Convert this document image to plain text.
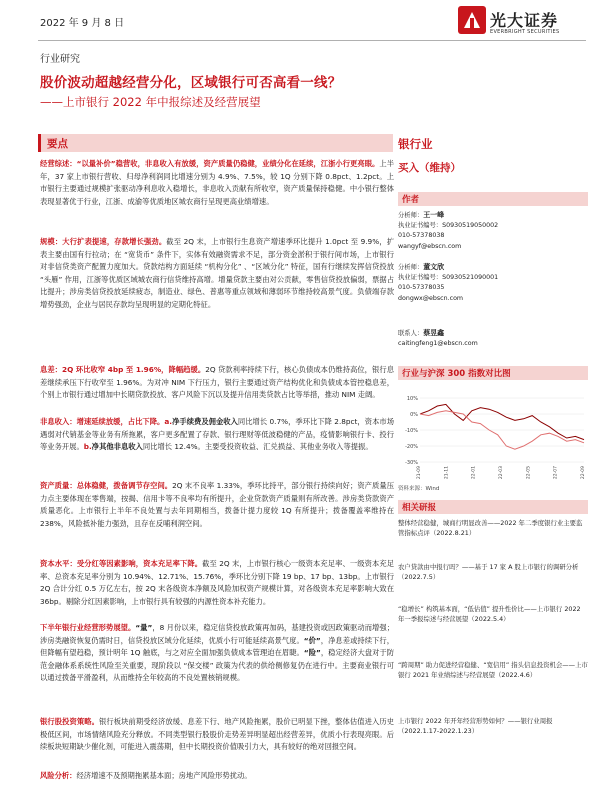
2022 年 9 月 8 日	光大证券
EVERBRIGHT SECURITIES
行业研究
股价波动超越经营分化，区域银行可否高看一线？
——上市银行 2022 年中报综述及经营展望
要点
经营综述：“以量补价”稳营收，非息收入有放缓，资产质量仍稳健，业绩分化在延续，江浙小行更亮眼。上半年，37 家上市银行营收、归母净利润同比增速分别为 4.9%、7.5%，较 1Q 分别下降 0.8pct、1.2pct。上市银行主要通过规模扩张驱动净利息收入稳增长，非息收入贡献有所收窄，资产质量保持稳健。中小银行整体表现显著优于行业，江浙、成渝等优质地区城农商行呈现更高业绩增速。
规模：大行扩表提速，存款增长强劲。截至 2Q 末，上市银行生息资产增速季环比提升 1.0pct 至 9.9%，扩表主要由国有行拉动；在 “宽货币” 条件下，实体有效融资需求不足，部分资金淤积于银行间市场，上市银行对非信贷类资产配置力度加大。贷款结构方面延续 “机构分化” 、“区域分化” 特征，国有行继续发挥信贷投放 “头雁” 作用，江浙等优质区域城农商行信贷维持高增。增量贷款主要由对公贡献，零售信贷投放偏弱，票据占比提升；涉房类信贷投放延续疲态，制造业、绿色、普惠等重点领域和薄弱环节维持较高景气度。负债端存款增势强劲，企业与居民存款均呈现明显的定期化特征。
息差：2Q 环比收窄 4bp 至 1.96%，降幅趋缓。2Q 贷款利率持续下行，核心负债成本仍维持高位，银行息差继续承压下行收窄至 1.96%。为对冲 NIM 下行压力，银行主要通过资产结构优化和负债成本管控稳息差，个别上市银行通过增加中长期贷款投放、客户风险下沉以及提升信用类贷款占比等举措，推动 NIM 走阔。
非息收入：增速延续放缓，占比下降。a.净手续费及佣金收入同比增长 0.7%，季环比下降 2.8pct，资本市场遇弱对代销基金等业务有所拖累，客户更多配置了存款、银行理财等低波稳健的产品，疫情影响银行卡、投行等业务开展。b.净其他非息收入同比增长 12.4%。主要受投资收益、汇兑损益、其他业务收入等提振。
资产质量：总体稳健，拨备调节存空间。2Q 末不良率 1.33%，季环比持平，部分银行持续向好；资产质量压力点主要体现在零售端，按揭、信用卡等不良率均有所提升，企业贷款资产质量则有所改善。涉房类贷款资产质量恶化。上市银行上半年不良处置与去年同期相当，拨备计提力度较 1Q 有所提升；拨备覆盖率维持在 238%，风险抵补能力强劲，且存在反哺利润空间。
资本水平：受分红等因素影响，资本充足率下降。截至 2Q 末，上市银行核心一级资本充足率、一级资本充足率、总资本充足率分别为 10.94%、12.71%、15.76%，季环比分别下降 19 bp、17 bp、13bp。上市银行 2Q 合计分红 0.5 万亿左右，按 2Q 末各级资本净额及风险加权资产规模计算，对各级资本充足率影响大致在 36bp。剔除分红因素影响，上市银行具有较强的内源性资本补充能力。
下半年银行业经营形势展望。“量”，8 月份以来，稳定信贷投放政策再加码，基建投资或因政策驱动而增强；涉房类融资恢复仍需时日，信贷投放区域分化延续，优质小行可能延续高景气度。“价”，净息差或持续下行，但降幅有望趋稳，预计明年 1Q 触底，与之对应全面加强负债成本管理迫在眉睫。“险”，稳定经济大盘对于防范金融体系系统性风险至关重要，现阶段以 “保交楼” 政策为代表的供给侧修复仍在进行中。主要商业银行可以通过拨备平滑盈利，从而维持全年较高的不良处置核销规模。
银行股投资策略。银行板块前期受经济放缓、息差下行、地产风险拖累，股价已明显下挫，整体估值进入历史极低区间，市场情绪风险充分释放。不同类型银行股股价走势差异明显超出经营差异，优质小行表现亮眼。后续板块短期缺少催化剂，可能进入震荡期，但中长期投资价值吸引力大，具有较好的绝对回报空间。
风险分析：经济增速不及预期拖累基本面；房地产风险形势扰动。
银行业
买入（维持）
作者
分析师：王一峰
执业证书编号：S0930519050002
010-57378038
wangyf@ebscn.com
分析师：董文欣
执业证书编号：S0930521090001
010-57378035
dongwx@ebscn.com
联系人：蔡昱鑫
caitingfeng1@ebscn.com
行业与沪深 300 指数对比图
10%
0%
-10%
-20%
-30%
21-09	21-11	22-01	22-03	22-05	22-07	22-09
资料来源：Wind
相关研报
整体经营稳健，城商行明显改善——2022 年二季度银行业主要监管指标点评（2022.8.21）
农户贷款由中报行吗？——基于 17 家 A 股上市银行的调研分析（2022.7.5）
“稳增长” 构筑基本面，“低估值” 提升性价比——上市银行 2022 年一季报综述与经营展望（2022.5.4）
“跨周期” 助力促进经营稳健、“宽信用” 指头信息投资机会——上市银行 2021 年业绩综述与经营展望（2022.4.6）
上市银行 2022 年开年经营形势如何？——银行业周报（2022.1.17-2022.1.23）
